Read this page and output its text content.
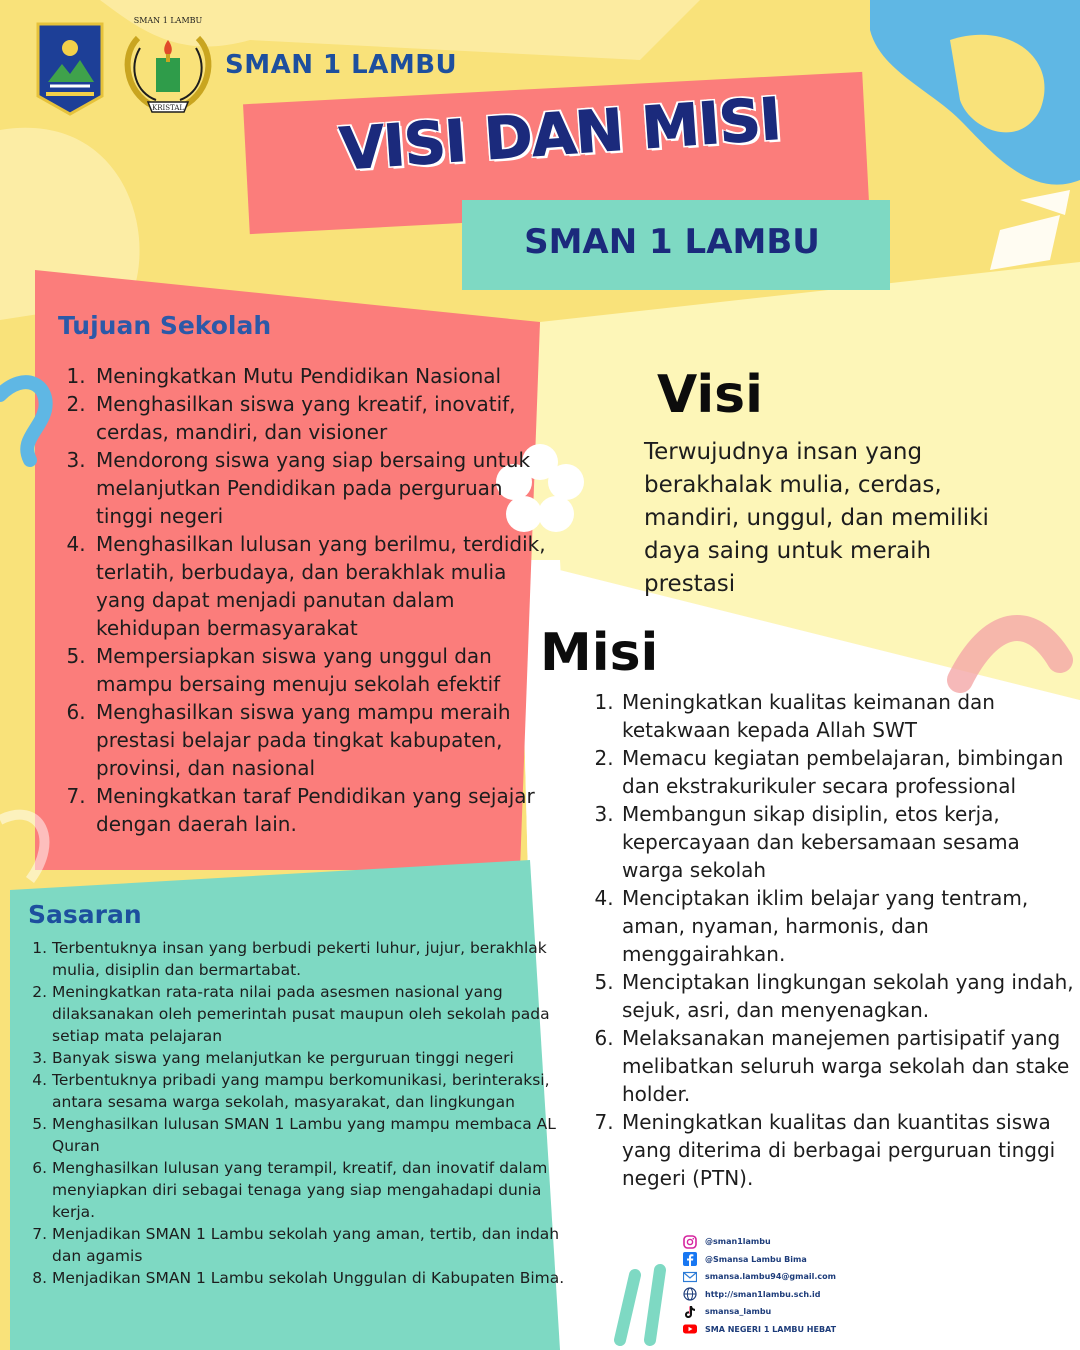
SMAN 1 LAMBU
KRISTAL
SMAN 1 LAMBU
VISI DAN MISI
SMAN 1 LAMBU
Tujuan Sekolah
1. Meningkatkan Mutu Pendidikan Nasional
2. Menghasilkan siswa yang kreatif, inovatif, cerdas, mandiri, dan visioner
3. Mendorong siswa yang siap bersaing untuk melanjutkan Pendidikan pada perguruan tinggi negeri
4. Menghasilkan lulusan yang berilmu, terdidik, terlatih, berbudaya, dan berakhlak mulia yang dapat menjadi panutan dalam kehidupan bermasyarakat
5. Mempersiapkan siswa yang unggul dan mampu bersaing menuju sekolah efektif
6. Menghasilkan siswa yang mampu meraih prestasi belajar pada tingkat kabupaten, provinsi, dan nasional
7. Meningkatkan taraf Pendidikan yang sejajar dengan daerah lain.
Visi
Terwujudnya insan yang berakhalak mulia, cerdas, mandiri, unggul, dan memiliki daya saing untuk meraih prestasi
Misi
1. Meningkatkan kualitas keimanan dan ketakwaan kepada Allah SWT
2. Memacu kegiatan pembelajaran, bimbingan dan ekstrakurikuler secara professional
3. Membangun sikap disiplin, etos kerja, kepercayaan dan kebersamaan sesama warga sekolah
4. Menciptakan iklim belajar yang tentram, aman, nyaman, harmonis, dan menggairahkan.
5. Menciptakan lingkungan sekolah yang indah, sejuk, asri, dan menyenagkan.
6. Melaksanakan manejemen partisipatif yang melibatkan seluruh warga sekolah dan stake holder.
7. Meningkatkan kualitas dan kuantitas siswa yang diterima di berbagai perguruan tinggi negeri (PTN).
Sasaran
1. Terbentuknya insan yang berbudi pekerti luhur, jujur, berakhlak mulia, disiplin dan bermartabat.
2. Meningkatkan rata-rata nilai pada asesmen nasional yang dilaksanakan oleh pemerintah pusat maupun oleh sekolah pada setiap mata pelajaran
3. Banyak siswa yang melanjutkan ke perguruan tinggi negeri
4. Terbentuknya pribadi yang mampu berkomunikasi, berinteraksi, antara sesama warga sekolah, masyarakat, dan lingkungan
5. Menghasilkan lulusan SMAN 1 Lambu yang mampu membaca AL Quran
6. Menghasilkan lulusan yang terampil, kreatif, dan inovatif dalam menyiapkan diri sebagai tenaga yang siap mengahadapi dunia kerja.
7. Menjadikan SMAN 1 Lambu sekolah yang aman, tertib, dan indah dan agamis
8. Menjadikan SMAN 1 Lambu sekolah Unggulan di Kabupaten Bima.
@sman1lambu
@Smansa Lambu Bima
smansa.lambu94@gmail.com
http://sman1lambu.sch.id
smansa_lambu
SMA NEGERI 1 LAMBU HEBAT
